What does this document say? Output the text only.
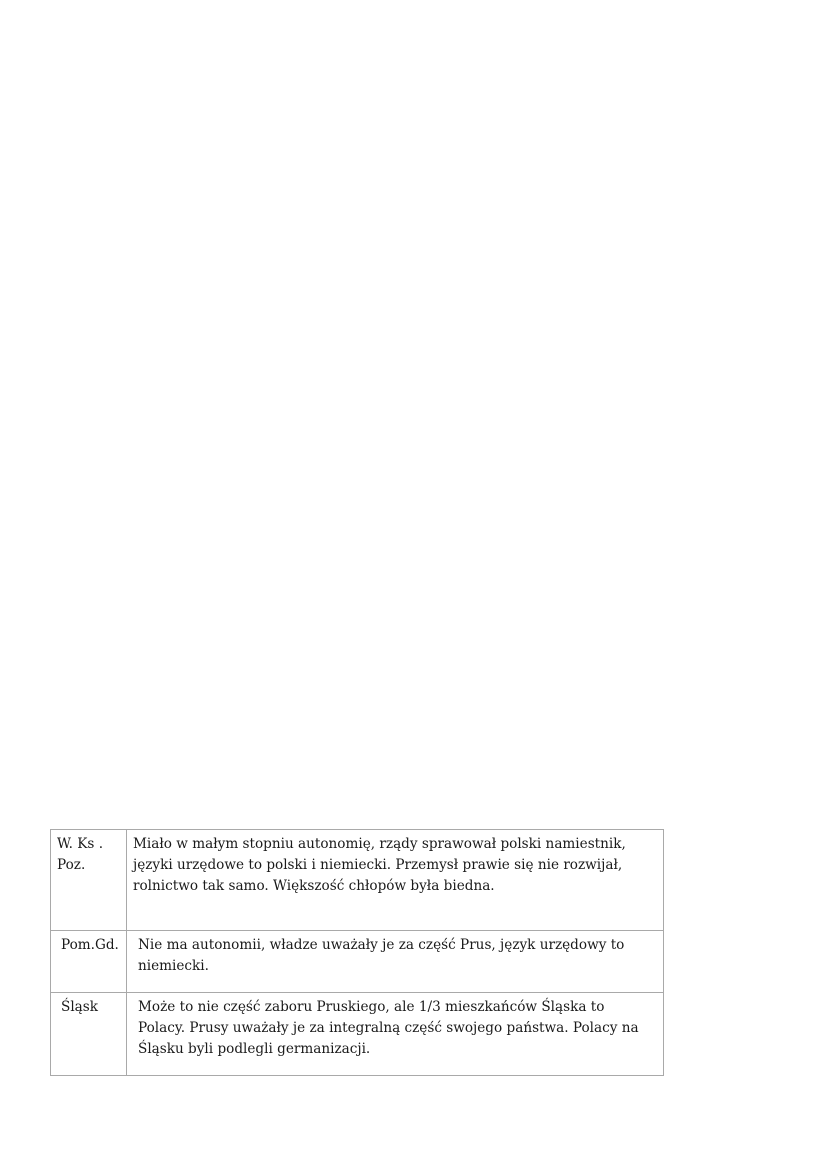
W. Ks . Poz.	Miało w małym stopniu autonomię, rządy sprawował polski namiestnik, języki urzędowe to polski i niemiecki. Przemysł prawie się nie rozwijał, rolnictwo tak samo. Większość chłopów była biedna.

Pom.Gd.	Nie ma autonomii, władze uważały je za część Prus, język urzędowy to niemiecki.

Śląsk	Może to nie część zaboru Pruskiego, ale 1/3 mieszkańców Śląska to Polacy. Prusy uważały je za integralną część swojego państwa. Polacy na Śląsku byli podlegli germanizacji.
